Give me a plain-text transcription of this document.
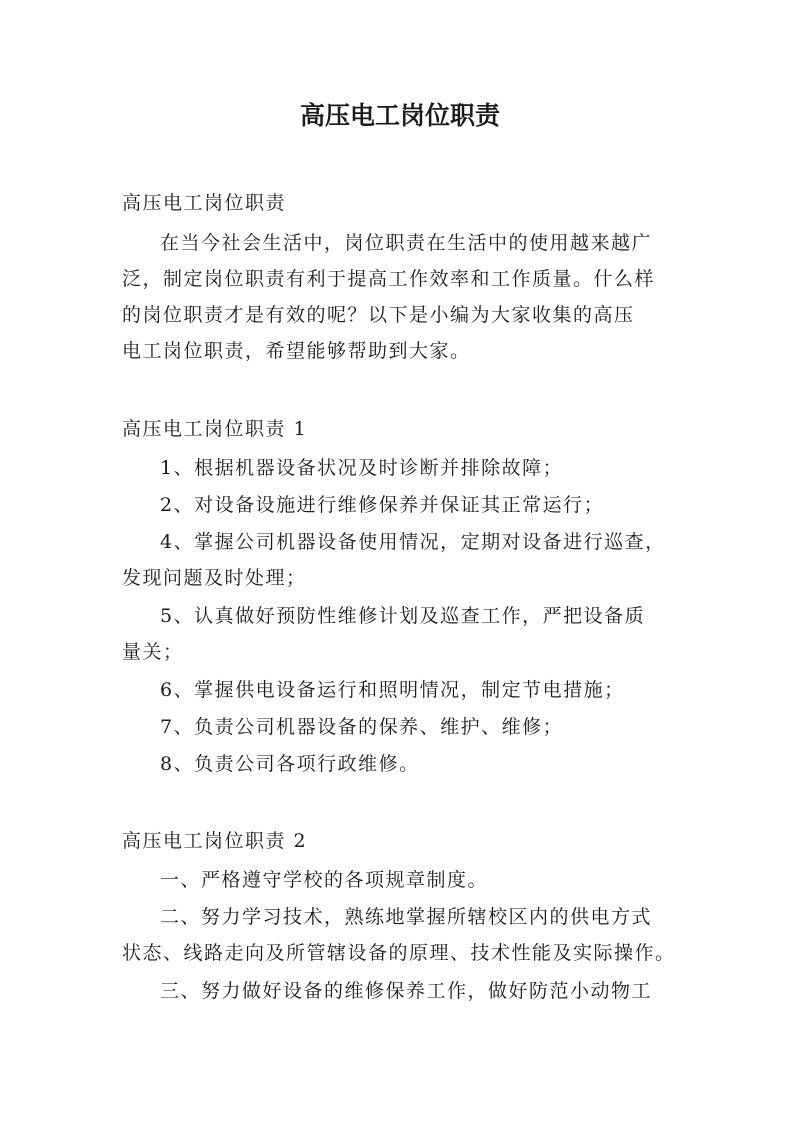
高压电工岗位职责
高压电工岗位职责
在当今社会生活中，岗位职责在生活中的使用越来越广
泛，制定岗位职责有利于提高工作效率和工作质量。什么样
的岗位职责才是有效的呢？以下是小编为大家收集的高压
电工岗位职责，希望能够帮助到大家。
高压电工岗位职责 1
1、根据机器设备状况及时诊断并排除故障；
2、对设备设施进行维修保养并保证其正常运行；
4、掌握公司机器设备使用情况，定期对设备进行巡查，
发现问题及时处理；
5、认真做好预防性维修计划及巡查工作，严把设备质
量关；
6、掌握供电设备运行和照明情况，制定节电措施；
7、负责公司机器设备的保养、维护、维修；
8、负责公司各项行政维修。
高压电工岗位职责 2
一、严格遵守学校的各项规章制度。
二、努力学习技术，熟练地掌握所辖校区内的供电方式
状态、线路走向及所管辖设备的原理、技术性能及实际操作。
三、努力做好设备的维修保养工作，做好防范小动物工
